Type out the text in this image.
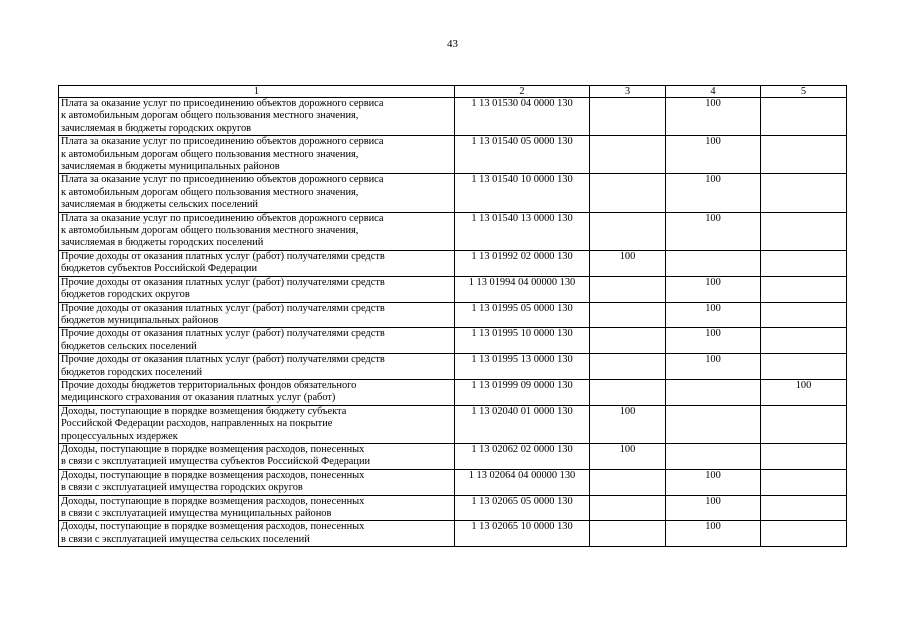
43
1	2	3	4	5
Плата за оказание услуг по присоединению объектов дорожного сервиса
к автомобильным дорогам общего пользования местного значения,
зачисляемая в бюджеты городских округов	1 13 01530 04 0000 130		100	
Плата за оказание услуг по присоединению объектов дорожного сервиса
к автомобильным дорогам общего пользования местного значения,
зачисляемая в бюджеты муниципальных районов	1 13 01540 05 0000 130		100	
Плата за оказание услуг по присоединению объектов дорожного сервиса
к автомобильным дорогам общего пользования местного значения,
зачисляемая в бюджеты сельских поселений	1 13 01540 10 0000 130		100	
Плата за оказание услуг по присоединению объектов дорожного сервиса
к автомобильным дорогам общего пользования местного значения,
зачисляемая в бюджеты городских поселений	1 13 01540 13 0000 130		100	
Прочие доходы от оказания платных услуг (работ) получателями средств
бюджетов субъектов Российской Федерации	1 13 01992 02 0000 130	100		
Прочие доходы от оказания платных услуг (работ) получателями средств
бюджетов городских округов	1 13 01994 04 00000 130		100	
Прочие доходы от оказания платных услуг (работ) получателями средств
бюджетов муниципальных районов	1 13 01995 05 0000 130		100	
Прочие доходы от оказания платных услуг (работ) получателями средств
бюджетов сельских поселений	1 13 01995 10 0000 130		100	
Прочие доходы от оказания платных услуг (работ) получателями средств
бюджетов городских поселений	1 13 01995 13 0000 130		100	
Прочие доходы бюджетов территориальных фондов обязательного
медицинского страхования от оказания платных услуг (работ)	1 13 01999 09 0000 130			100
Доходы, поступающие в порядке возмещения бюджету субъекта
Российской Федерации расходов, направленных на покрытие
процессуальных издержек	1 13 02040 01 0000 130	100		
Доходы, поступающие в порядке возмещения расходов, понесенных
в связи с эксплуатацией имущества субъектов Российской Федерации	1 13 02062 02 0000 130	100		
Доходы, поступающие в порядке возмещения расходов, понесенных
в связи с эксплуатацией имущества городских округов	1 13 02064 04 00000 130		100	
Доходы, поступающие в порядке возмещения расходов, понесенных
в связи с эксплуатацией имущества муниципальных районов	1 13 02065 05 0000 130		100	
Доходы, поступающие в порядке возмещения расходов, понесенных
в связи с эксплуатацией имущества сельских поселений	1 13 02065 10 0000 130		100	
